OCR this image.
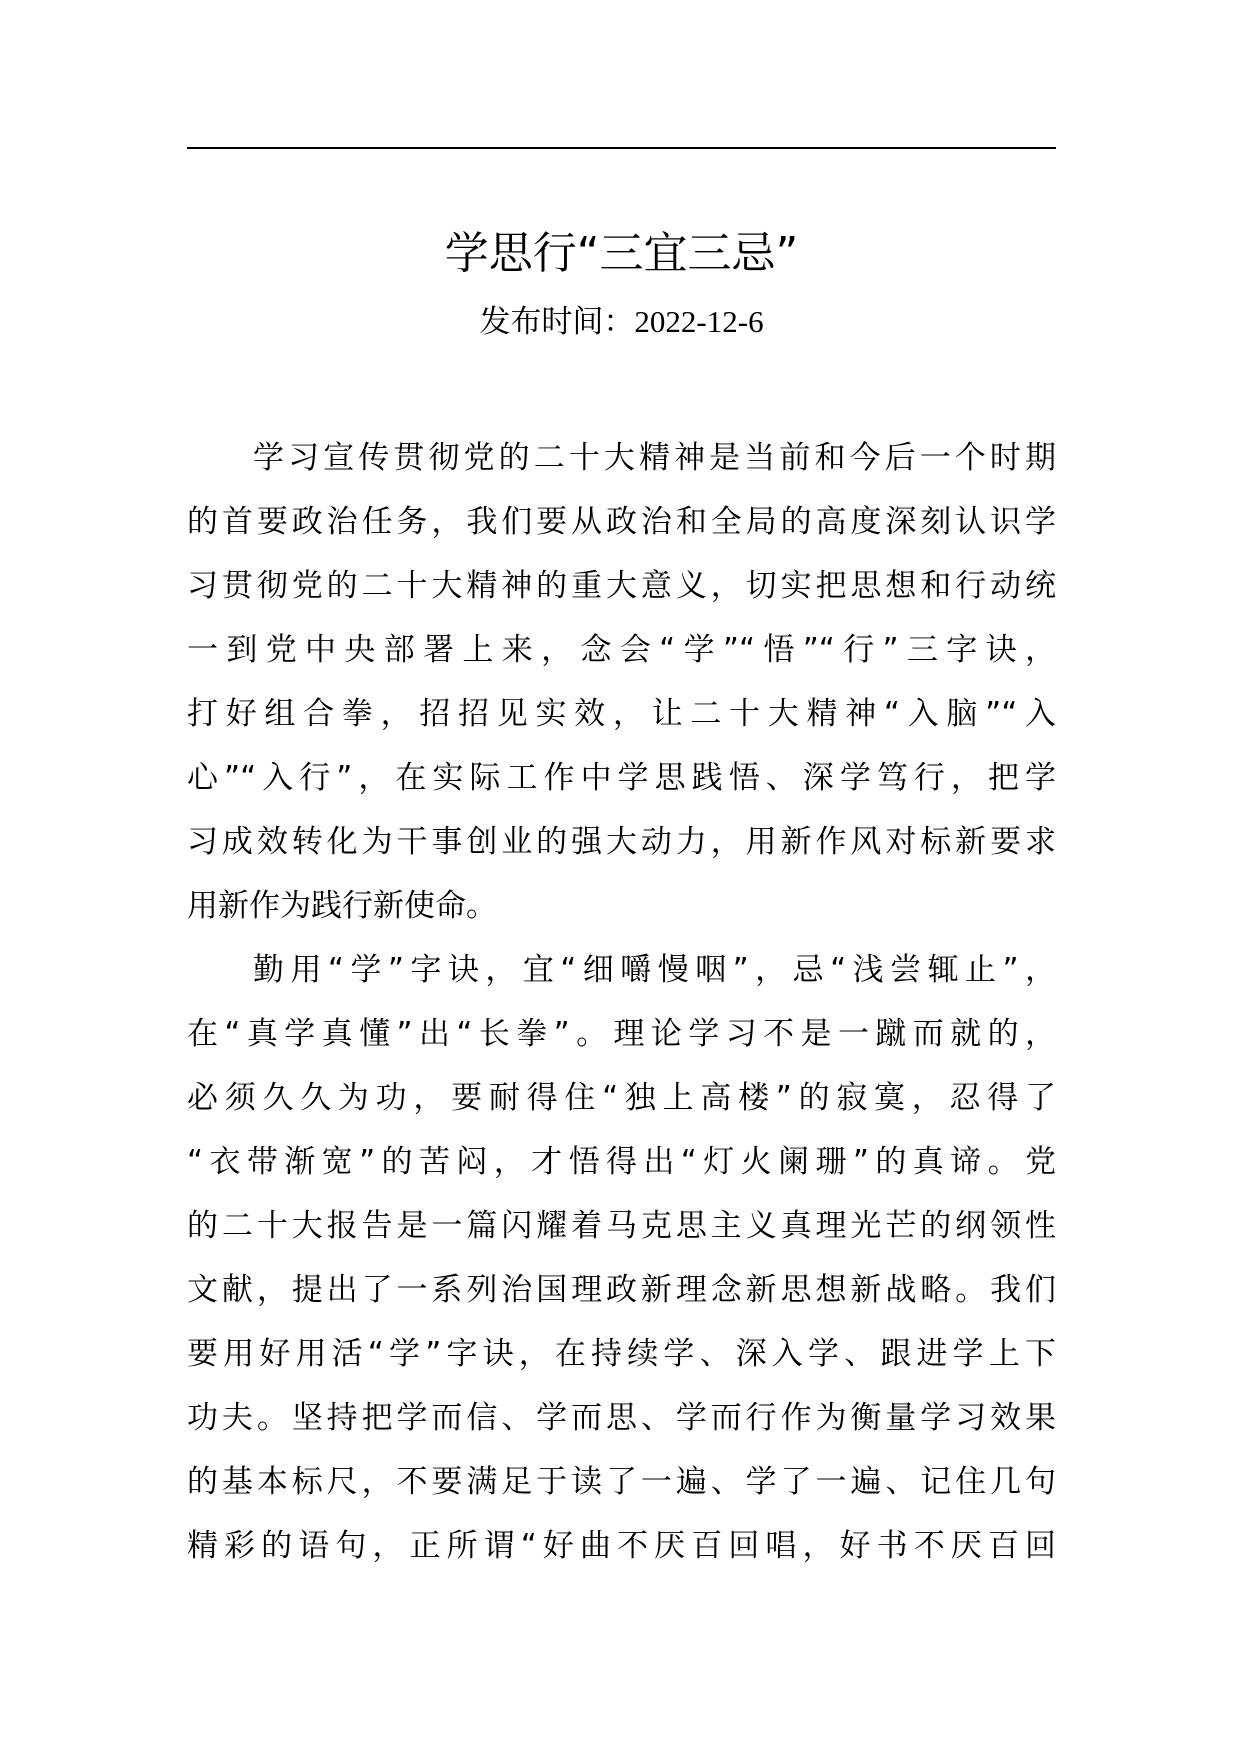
学思行“三宜三忌”
发布时间：2022-12-6
学习宣传贯彻党的二十大精神是当前和今后一个时期
的首要政治任务，我们要从政治和全局的高度深刻认识学
习贯彻党的二十大精神的重大意义，切实把思想和行动统
一到党中央部署上来，念会“学”“悟”“行”三字诀，
打好组合拳，招招见实效，让二十大精神“入脑”“入
心”“入行”，在实际工作中学思践悟、深学笃行，把学
习成效转化为干事创业的强大动力，用新作风对标新要求
用新作为践行新使命。
勤用“学”字诀，宜“细嚼慢咽”，忌“浅尝辄止”，
在“真学真懂”出“长拳”。理论学习不是一蹴而就的，
必须久久为功，要耐得住“独上高楼”的寂寞，忍得了
“衣带渐宽”的苦闷，才悟得出“灯火阑珊”的真谛。党
的二十大报告是一篇闪耀着马克思主义真理光芒的纲领性
文献，提出了一系列治国理政新理念新思想新战略。我们
要用好用活“学”字诀，在持续学、深入学、跟进学上下
功夫。坚持把学而信、学而思、学而行作为衡量学习效果
的基本标尺，不要满足于读了一遍、学了一遍、记住几句
精彩的语句，正所谓“好曲不厌百回唱，好书不厌百回
